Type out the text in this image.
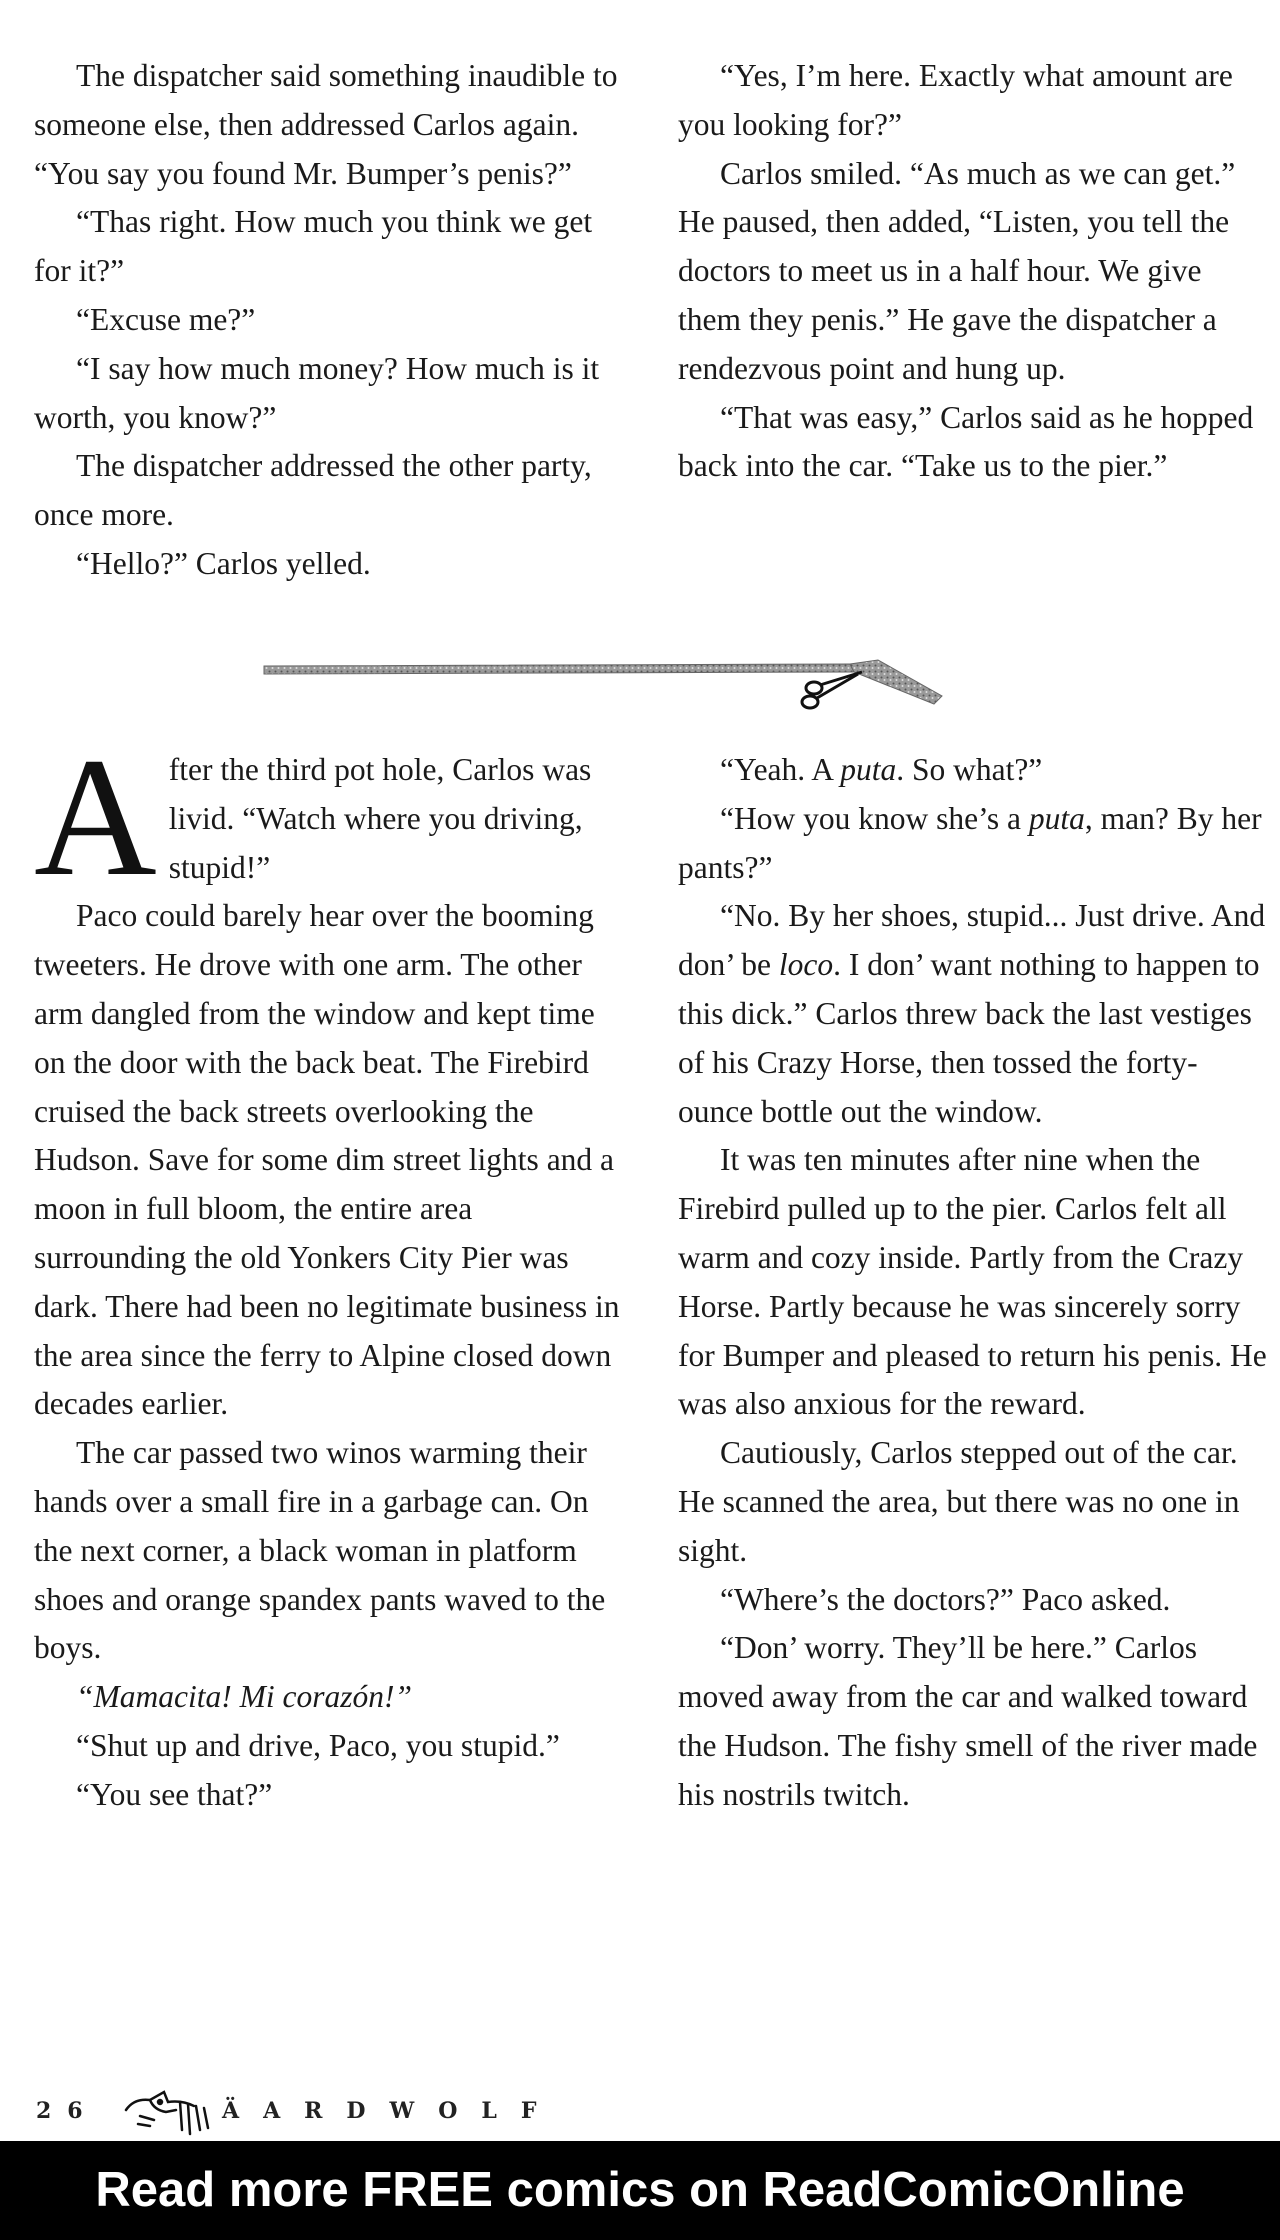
The dispatcher said something inaudible to someone else, then addressed Carlos again. “You say you found Mr. Bumper’s penis?”

“Thas right. How much you think we get for it?”

“Excuse me?”

“I say how much money? How much is it worth, you know?”

The dispatcher addressed the other party, once more.

“Hello?” Carlos yelled.

“Yes, I’m here. Exactly what amount are you looking for?”

Carlos smiled. “As much as we can get.” He paused, then added, “Listen, you tell the doctors to meet us in a half hour. We give them they penis.” He gave the dispatcher a rendezvous point and hung up.

“That was easy,” Carlos said as he hopped back into the car. “Take us to the pier.”

After the third pot hole, Carlos was livid. “Watch where you driving, stupid!”

Paco could barely hear over the booming tweeters. He drove with one arm. The other arm dangled from the window and kept time on the door with the back beat. The Firebird cruised the back streets overlooking the Hudson. Save for some dim street lights and a moon in full bloom, the entire area surrounding the old Yonkers City Pier was dark. There had been no legitimate business in the area since the ferry to Alpine closed down decades earlier.

The car passed two winos warming their hands over a small fire in a garbage can. On the next corner, a black woman in platform shoes and orange spandex pants waved to the boys.

“Mamacita! Mi corazón!”

“Shut up and drive, Paco, you stupid.”

“You see that?”

“Yeah. A puta. So what?”

“How you know she’s a puta, man? By her pants?”

“No. By her shoes, stupid... Just drive. And don’ be loco. I don’ want nothing to happen to this dick.” Carlos threw back the last vestiges of his Crazy Horse, then tossed the forty-ounce bottle out the window.

It was ten minutes after nine when the Firebird pulled up to the pier. Carlos felt all warm and cozy inside. Partly from the Crazy Horse. Partly because he was sincerely sorry for Bumper and pleased to return his penis. He was also anxious for the reward.

Cautiously, Carlos stepped out of the car. He scanned the area, but there was no one in sight.

“Where’s the doctors?” Paco asked.

“Don’ worry. They’ll be here.” Carlos moved away from the car and walked toward the Hudson. The fishy smell of the river made his nostrils twitch.

26	ÄARDWOLF
Read more FREE comics on ReadComicOnline
